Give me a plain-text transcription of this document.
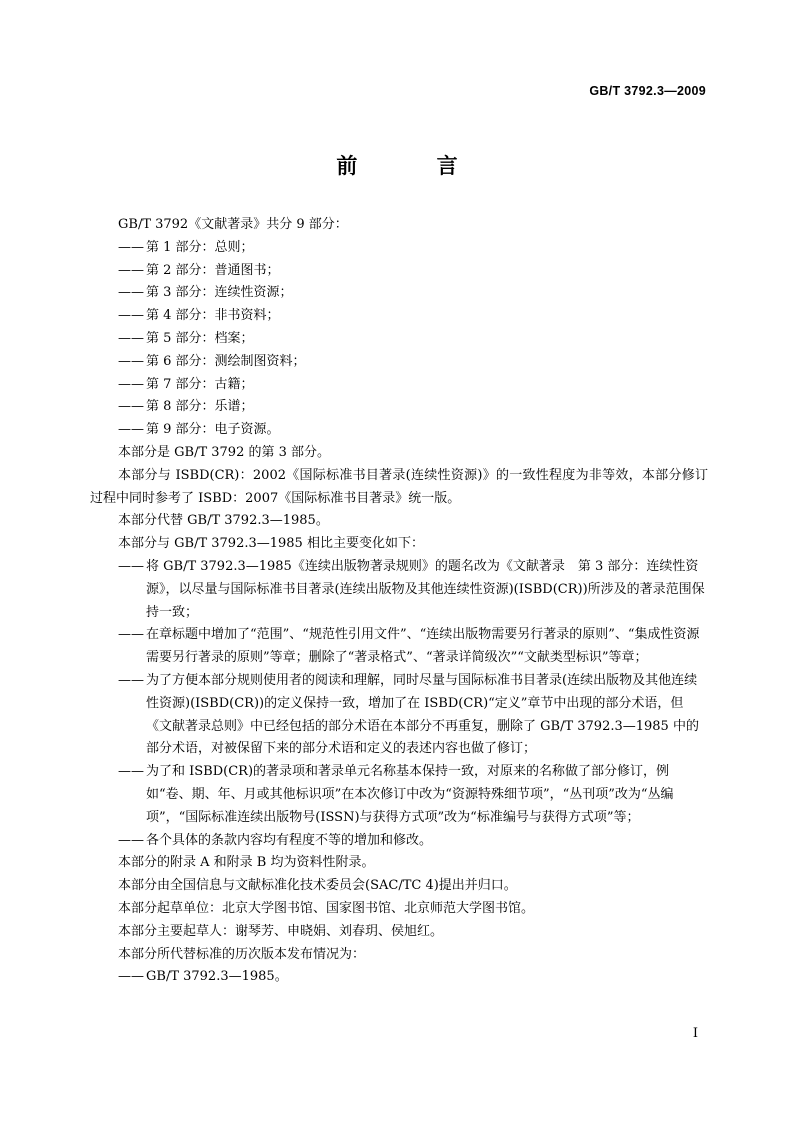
GB/T 3792.3—2009
前 言
GB/T 3792《文献著录》共分 9 部分：
—— 第 1 部分：总则；
—— 第 2 部分：普通图书；
—— 第 3 部分：连续性资源；
—— 第 4 部分：非书资料；
—— 第 5 部分：档案；
—— 第 6 部分：测绘制图资料；
—— 第 7 部分：古籍；
—— 第 8 部分：乐谱；
—— 第 9 部分：电子资源。
本部分是 GB/T 3792 的第 3 部分。
本部分与 ISBD(CR)：2002《国际标准书目著录(连续性资源)》的一致性程度为非等效，本部分修订过程中同时参考了 ISBD：2007《国际标准书目著录》统一版。
本部分代替 GB/T 3792.3—1985。
本部分与 GB/T 3792.3—1985 相比主要变化如下：
—— 将 GB/T 3792.3—1985《连续出版物著录规则》的题名改为《文献著录　第 3 部分：连续性资源》，以尽量与国际标准书目著录(连续出版物及其他连续性资源)(ISBD(CR))所涉及的著录范围保持一致；
—— 在章标题中增加了“范围”、“规范性引用文件”、“连续出版物需要另行著录的原则”、“集成性资源需要另行著录的原则”等章；删除了“著录格式”、“著录详简级次”“文献类型标识”等章；
—— 为了方便本部分规则使用者的阅读和理解，同时尽量与国际标准书目著录(连续出版物及其他连续性资源)(ISBD(CR))的定义保持一致，增加了在 ISBD(CR)“定义”章节中出现的部分术语，但《文献著录总则》中已经包括的部分术语在本部分不再重复，删除了 GB/T 3792.3—1985 中的部分术语，对被保留下来的部分术语和定义的表述内容也做了修订；
—— 为了和 ISBD(CR)的著录项和著录单元名称基本保持一致，对原来的名称做了部分修订，例如“卷、期、年、月或其他标识项”在本次修订中改为“资源特殊细节项”，“丛刊项”改为“丛编项”，“国际标准连续出版物号(ISSN)与获得方式项”改为“标准编号与获得方式项”等；
—— 各个具体的条款内容均有程度不等的增加和修改。
本部分的附录 A 和附录 B 均为资料性附录。
本部分由全国信息与文献标准化技术委员会(SAC/TC 4)提出并归口。
本部分起草单位：北京大学图书馆、国家图书馆、北京师范大学图书馆。
本部分主要起草人：谢琴芳、申晓娟、刘春玥、侯旭红。
本部分所代替标准的历次版本发布情况为：
—— GB/T 3792.3—1985。
I
